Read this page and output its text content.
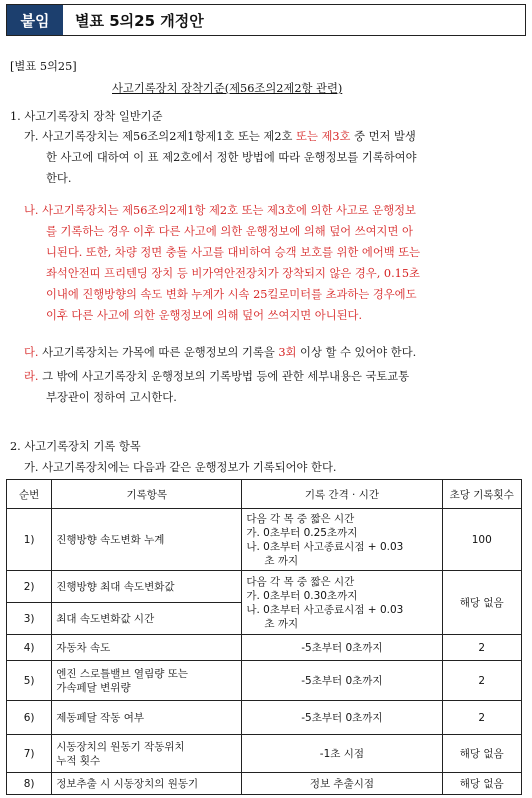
붙임	별표 5의25 개정안
[별표 5의25]
사고기록장치 장착기준(제56조의2제2항 관련)
1. 사고기록장치 장착 일반기준
가. 사고기록장치는 제56조의2제1항제1호 또는 제2호 또는 제3호 중 먼저 발생
한 사고에 대하여 이 표 제2호에서 정한 방법에 따라 운행정보를 기록하여야
한다.
나. 사고기록장치는 제56조의2제1항 제2호 또는 제3호에 의한 사고로 운행정보
를 기록하는 경우 이후 다른 사고에 의한 운행정보에 의해 덮어 쓰여지면 아
니된다. 또한, 차량 정면 충돌 사고를 대비하여 승객 보호를 위한 에어백 또는
좌석안전띠 프리텐딩 장치 등 비가역안전장치가 장착되지 않은 경우, 0.15초
이내에 진행방향의 속도 변화 누계가 시속 25킬로미터를 초과하는 경우에도
이후 다른 사고에 의한 운행정보에 의해 덮어 쓰여지면 아니된다.
다. 사고기록장치는 가목에 따른 운행정보의 기록을 3회 이상 할 수 있어야 한다.
라. 그 밖에 사고기록장치 운행정보의 기록방법 등에 관한 세부내용은 국토교통
부장관이 정하여 고시한다.
2. 사고기록장치 기록 항목
가. 사고기록장치에는 다음과 같은 운행정보가 기록되어야 한다.
순번	기록항목	기록 간격 · 시간	초당 기록횟수
1)	진행방향 속도변화 누계	다음 각 목 중 짧은 시간
가. 0초부터 0.25초까지
나. 0초부터 사고종료시점 + 0.03
초 까지	100
2)	진행방향 최대 속도변화값	다음 각 목 중 짧은 시간
가. 0초부터 0.30초까지
나. 0초부터 사고종료시점 + 0.03
초 까지	해당 없음
3)	최대 속도변화값 시간		
4)	자동차 속도	-5초부터 0초까지	2
5)	엔진 스로틀밸브 열림량 또는
가속페달 변위량	-5초부터 0초까지	2
6)	제동페달 작동 여부	-5초부터 0초까지	2
7)	시동장치의 원동기 작동위치
누적 횟수	-1초 시점	해당 없음
8)	정보추출 시 시동장치의 원동기	정보 추출시점	해당 없음
